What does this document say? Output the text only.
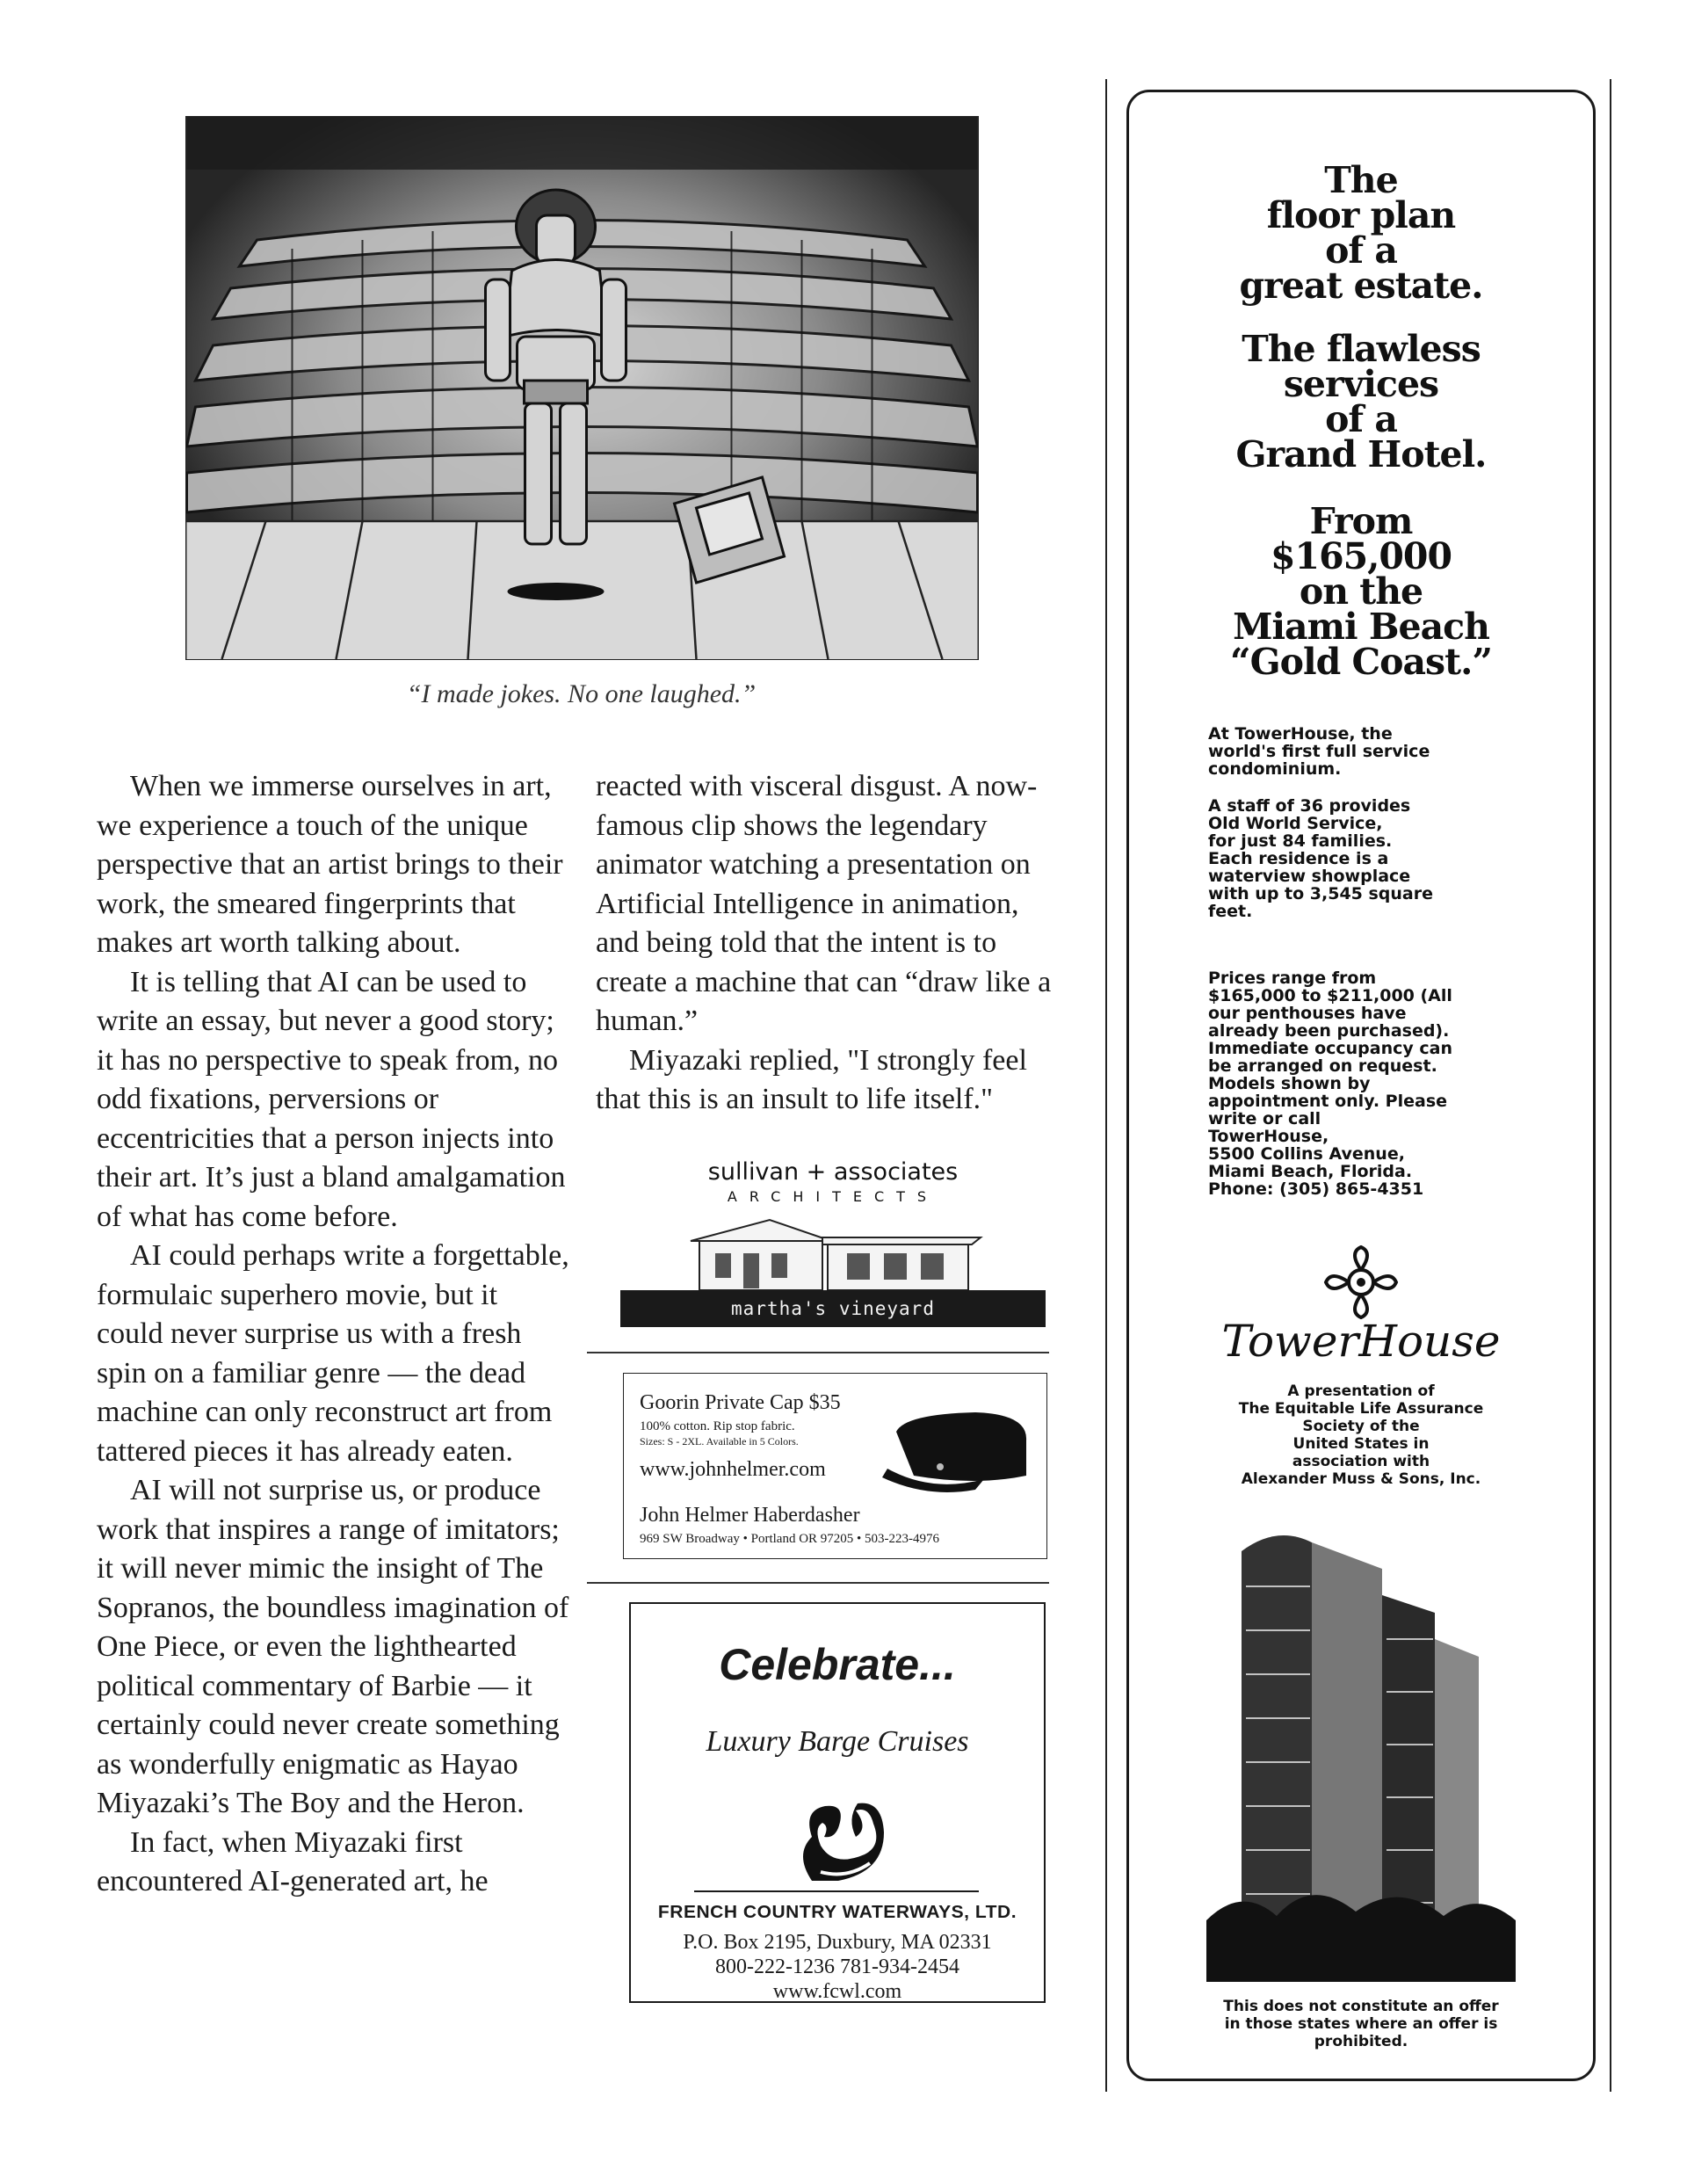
“I made jokes. No one laughed.”

When we immerse ourselves in art, we experience a touch of the unique perspective that an artist brings to their work, the smeared fingerprints that makes art worth talking about.

It is telling that AI can be used to write an essay, but never a good story; it has no perspective to speak from, no odd fixations, perversions or eccentricities that a person injects into their art. It’s just a bland amalgamation of what has come before.

AI could perhaps write a forgettable, formulaic superhero movie, but it could never surprise us with a fresh spin on a familiar genre — the dead machine can only reconstruct art from tattered pieces it has already eaten.

AI will not surprise us, or produce work that inspires a range of imitators; it will never mimic the insight of The Sopranos, the boundless imagination of One Piece, or even the lighthearted political commentary of Barbie — it certainly could never create something as wonderfully enigmatic as Hayao Miyazaki’s The Boy and the Heron.

In fact, when Miyazaki first encountered AI-generated art, he

reacted with visceral disgust. A now-famous clip shows the legendary animator watching a presentation on Artificial Intelligence in animation, and being told that the intent is to create a machine that can “draw like a human.”

Miyazaki replied, "I strongly feel that this is an insult to life itself."

sullivan + associates
ARCHITECTS
martha's vineyard
Goorin Private Cap $35
100% cotton. Rip stop fabric.
Sizes: S - 2XL. Available in 5 Colors.
www.johnhelmer.com
John Helmer Haberdasher
969 SW Broadway • Portland OR 97205 • 503-223-4976
Celebrate...
Luxury Barge Cruises
FRENCH COUNTRY WATERWAYS, LTD.
P.O. Box 2195, Duxbury, MA 02331
800-222-1236 781-934-2454
www.fcwl.com
The
floor plan
of a
great estate.
The flawless
services
of a
Grand Hotel.
From
$165,000
on the
Miami Beach
“Gold Coast.”
At TowerHouse, the
world's first full service
condominium.
A staff of 36 provides
Old World Service,
for just 84 families.
Each residence is a
waterview showplace
with up to 3,545 square
feet.
Prices range from
$165,000 to $211,000 (All
our penthouses have
already been purchased).
Immediate occupancy can
be arranged on request.
Models shown by
appointment only. Please
write or call
TowerHouse,
5500 Collins Avenue,
Miami Beach, Florida.
Phone: (305) 865-4351
TowerHouse
A presentation of
The Equitable Life Assurance
Society of the
United States in
association with
Alexander Muss & Sons, Inc.
This does not constitute an offer
in those states where an offer is
prohibited.
